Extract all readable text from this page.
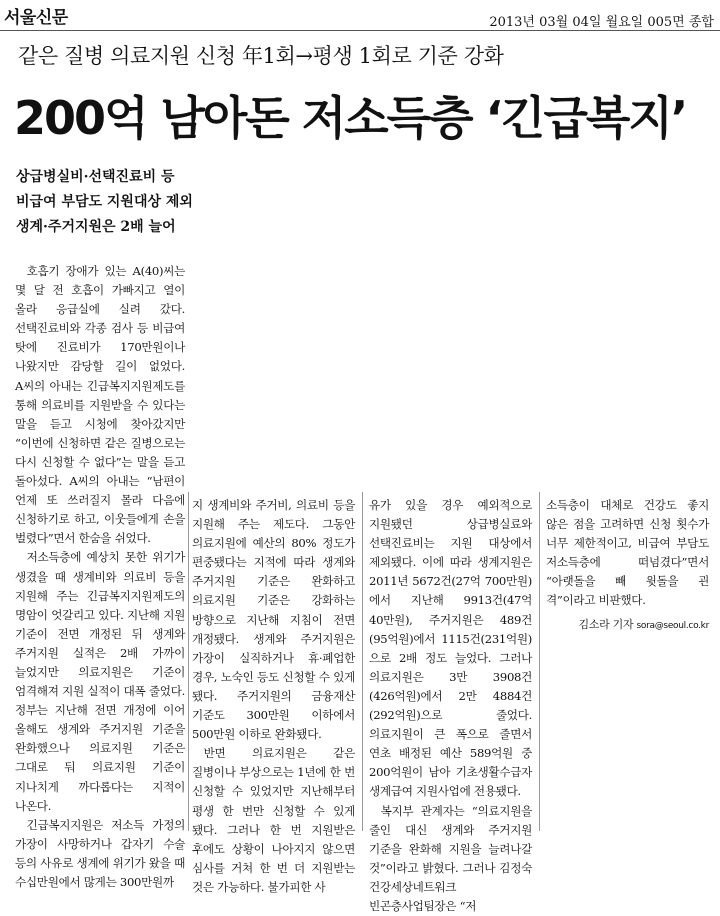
서울신문	2013년 03월 04일 월요일 005면 종합
같은 질병 의료지원 신청 年1회→평생 1회로 기준 강화
200억 남아돈 저소득층 ‘긴급복지’
상급병실비·선택진료비 등
비급여 부담도 지원대상 제외
생계·주거지원은 2배 늘어

호흡기 장애가 있는 A(40)씨는 몇 달 전 호흡이 가빠지고 열이 올라 응급실에 실려 갔다. 선택진료비와 각종 검사 등 비급여 탓에 진료비가 170만원이나 나왔지만 감당할 길이 없었다. A씨의 아내는 긴급복지지원제도를 통해 의료비를 지원받을 수 있다는 말을 듣고 시청에 찾아갔지만 “이번에 신청하면 같은 질병으로는 다시 신청할 수 없다”는 말을 듣고 돌아섰다. A씨의 아내는 “남편이 언제 또 쓰러질지 몰라 다음에 신청하기로 하고, 이웃들에게 손을 벌렸다”면서 한숨을 쉬었다.

저소득층에 예상치 못한 위기가 생겼을 때 생계비와 의료비 등을 지원해 주는 긴급복지지원제도의 명암이 엇갈리고 있다. 지난해 지원 기준이 전면 개정된 뒤 생계와 주거지원 실적은 2배 가까이 늘었지만 의료지원은 기준이 엄격해져 지원 실적이 대폭 줄었다. 정부는 지난해 전면 개정에 이어 올해도 생계와 주거지원 기준을 완화했으나 의료지원 기준은 그대로 둬 의료지원 기준이 지나치게 까다롭다는 지적이 나온다.

긴급복지지원은 저소득 가정의 가장이 사망하거나 갑자기 수술 등의 사유로 생계에 위기가 왔을 때 수십만원에서 많게는 300만원까

지 생계비와 주거비, 의료비 등을 지원해 주는 제도다. 그동안 의료지원에 예산의 80% 정도가 편중됐다는 지적에 따라 생계와 주거지원 기준은 완화하고 의료지원 기준은 강화하는 방향으로 지난해 지침이 전면 개정됐다. 생계와 주거지원은 가장이 실직하거나 휴·폐업한 경우, 노숙인 등도 신청할 수 있게 됐다. 주거지원의 금융재산 기준도 300만원 이하에서 500만원 이하로 완화됐다.

반면 의료지원은 같은 질병이나 부상으로는 1년에 한 번 신청할 수 있었지만 지난해부터 평생 한 번만 신청할 수 있게 됐다. 그러나 한 번 지원받은 후에도 상황이 나아지지 않으면 심사를 거쳐 한 번 더 지원받는 것은 가능하다. 불가피한 사

유가 있을 경우 예외적으로 지원됐던 상급병실료와 선택진료비는 지원 대상에서 제외됐다. 이에 따라 생계지원은 2011년 5672건(27억 700만원)에서 지난해 9913건(47억 40만원), 주거지원은 489건(95억원)에서 1115건(231억원)으로 2배 정도 늘었다. 그러나 의료지원은 3만 3908건(426억원)에서 2만 4884건(292억원)으로 줄었다. 의료지원이 큰 폭으로 줄면서 연초 배정된 예산 589억원 중 200억원이 남아 기초생활수급자 생계급여 지원사업에 전용됐다.

복지부 관계자는 “의료지원을 줄인 대신 생계와 주거지원 기준을 완화해 지원을 늘려나갈 것”이라고 밝혔다. 그러나 김정숙 건강세상네트워크 빈곤층사업팀장은 “저

소득층이 대체로 건강도 좋지 않은 점을 고려하면 신청 횟수가 너무 제한적이고, 비급여 부담도 저소득층에 떠넘겼다”면서 “아랫돌을 빼 윗돌을 괸 격”이라고 비판했다.

김소라 기자 sora@seoul.co.kr
